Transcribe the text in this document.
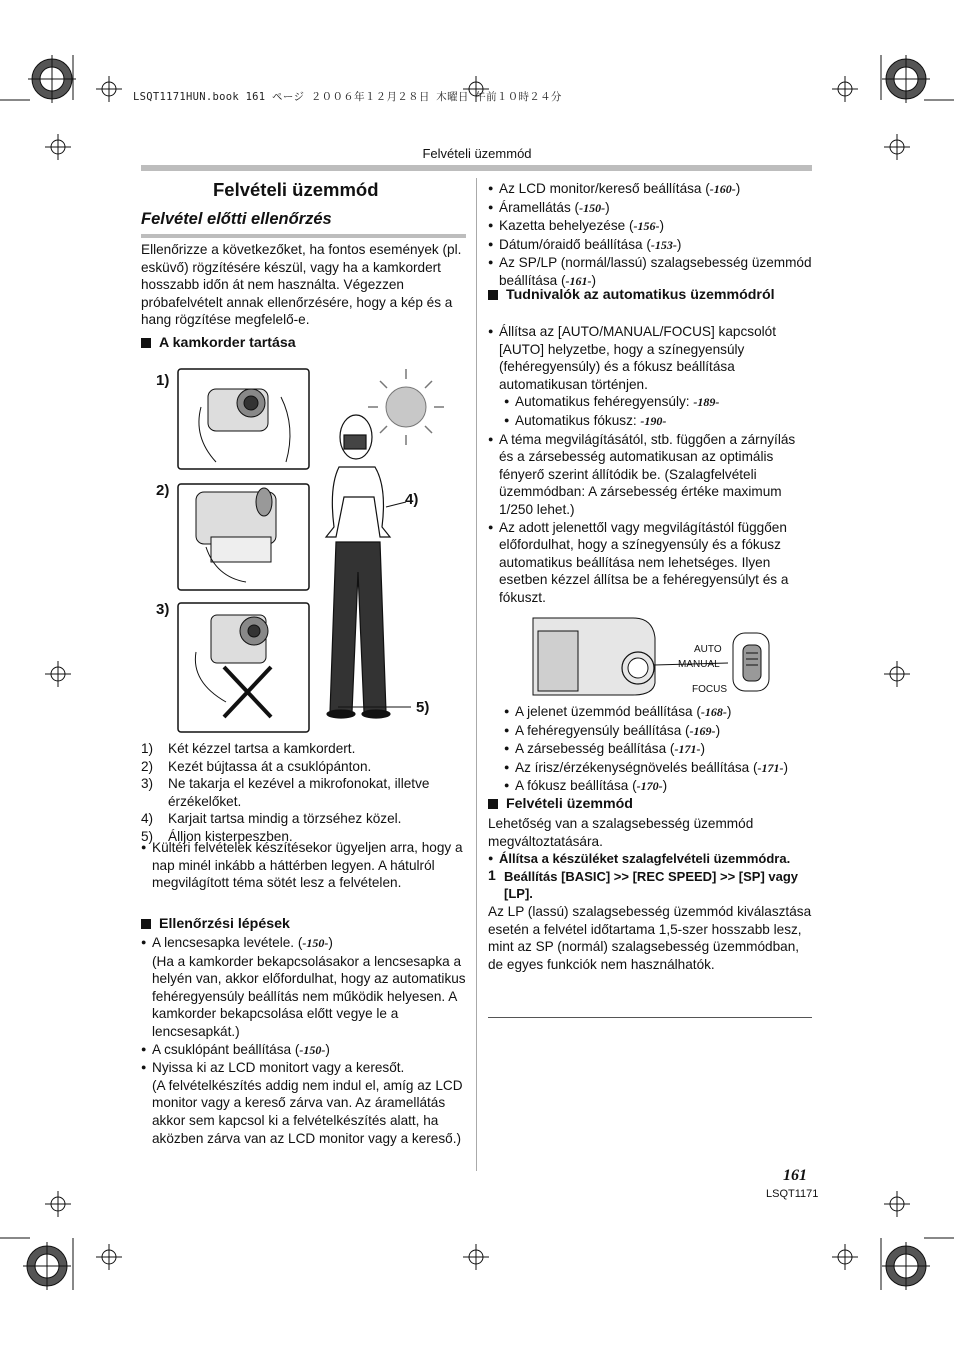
LSQT1171HUN.book 161 ページ ２００６年１２月２８日 木曜日 午前１０時２４分
Felvételi üzemmód
Felvételi üzemmód
Felvétel előtti ellenőrzés
Ellenőrizze a következőket, ha fontos események (pl. esküvő) rögzítésére készül, vagy ha a kamkordert hosszabb időn át nem használta. Végezzen próbafelvételt annak ellenőrzésére, hogy a kép és a hang rögzítése megfelelő-e.
A kamkorder tartása
1)
2)
3)
4)
5)
1) Két kézzel tartsa a kamkordert.
2) Kezét bújtassa át a csuklópánton.
3) Ne takarja el kezével a mikrofonokat, illetve érzékelőket.
4) Karjait tartsa mindig a törzséhez közel.
5) Álljon kisterpeszben.
● Kültéri felvételek készítésekor ügyeljen arra, hogy a nap minél inkább a háttérben legyen. A hátulról megvilágított téma sötét lesz a felvételen.
Ellenőrzési lépések
● A lencsesapka levétele. (-150-)
(Ha a kamkorder bekapcsolásakor a lencsesapka a helyén van, akkor előfordulhat, hogy az automatikus fehéregyensúly beállítás nem működik helyesen. A kamkorder bekapcsolása előtt vegye le a lencsesapkát.)
● A csuklópánt beállítása (-150-)
● Nyissa ki az LCD monitort vagy a keresőt.
(A felvételkészítés addig nem indul el, amíg az LCD monitor vagy a kereső zárva van. Az áramellátás akkor sem kapcsol ki a felvételkészítés alatt, ha aközben zárva van az LCD monitor vagy a kereső.)
● Az LCD monitor/kereső beállítása (-160-)
● Áramellátás (-150-)
● Kazetta behelyezése (-156-)
● Dátum/óraidő beállítása (-153-)
● Az SP/LP (normál/lassú) szalagsebesség üzemmód beállítása (-161-)
Tudnivalók az automatikus üzemmódról
● Állítsa az [AUTO/MANUAL/FOCUS] kapcsolót [AUTO] helyzetbe, hogy a színegyensúly (fehéregyensúly) és a fókusz beállítása automatikusan történjen.
● Automatikus fehéregyensúly: -189-
● Automatikus fókusz: -190-
● A téma megvilágításától, stb. függően a zárnyílás és a zársebesség automatikusan az optimális fényerő szerint állítódik be. (Szalagfelvételi üzemmódban: A zársebesség értéke maximum 1/250 lehet.)
● Az adott jelenettől vagy megvilágítástól függően előfordulhat, hogy a színegyensúly és a fókusz automatikus beállítása nem lehetséges. Ilyen esetben kézzel állítsa be a fehéregyensúlyt és a fókuszt.
AUTO
MANUAL
FOCUS
● A jelenet üzemmód beállítása (-168-)
● A fehéregyensúly beállítása (-169-)
● A zársebesség beállítása (-171-)
● Az írisz/érzékenységnövelés beállítása (-171-)
● A fókusz beállítása (-170-)
Felvételi üzemmód
Lehetőség van a szalagsebesség üzemmód megváltoztatására.
● Állítsa a készüléket szalagfelvételi üzemmódra.
1 Beállítás [BASIC] >> [REC SPEED] >> [SP] vagy [LP].
Az LP (lassú) szalagsebesség üzemmód kiválasztása esetén a felvétel időtartama 1,5-szer hosszabb lesz, mint az SP (normál) szalagsebesség üzemmódban, de egyes funkciók nem használhatók.
161
LSQT1171
